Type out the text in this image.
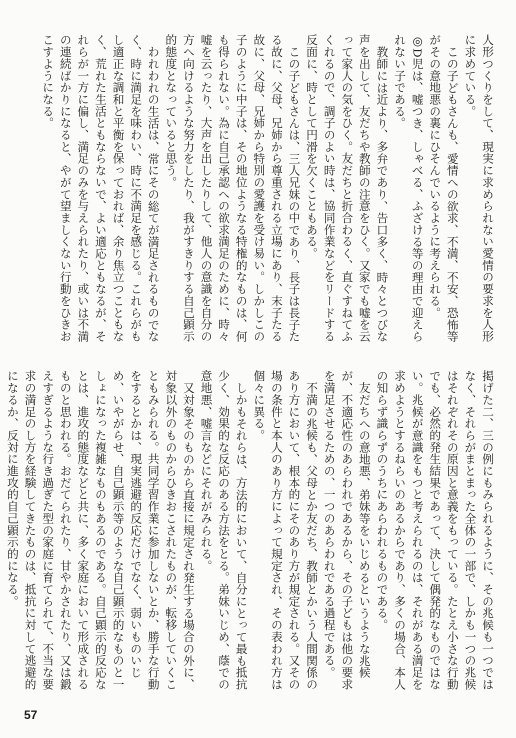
人形つくりをして、現実に求められない愛情の要求を人形に求めている。

この子どもさんも、愛情への欲求、不満、不安、恐怖等がその意地悪の裏にひそんでいるように考えられる。

◎D児は、嘘つき、しゃべる、ふざける等の理由で迎えられない子である。

教師には近より、多弁であり、告口多く、時々とつびな声を出して、友だちや教師の注意をひく。又家でも嘘を云って家人の気をひく。友だちと折合わるく、直ぐすねてふくれるので、調子のよい時は、協同作業などをリードする反面に、時として円滑を欠くこともある。

この子どもさんは、三人兄妹の中であり、長子は長子たる故に、父母、兄姉から尊重される立場にあり、末子たる故に、父母、兄姉から特別の愛護を受け易い。しかしこの子のように中子は、その地位ようなる特権的なものは、何も得られない。為に自己承認への欲求満足のために、時々嘘を云ったり、大声を出したりして、他人の意識を自分の方へ向けるような努力をしたり、我がすきりする自己顕示的態度となっていると思う。

われわれの生活は、常にその総てが満足されるものでなく、時に満足を味わい、時に不満足を感じる。これらがもし適正な調和と平衡を保っておれば、余り焦立つこともなく、荒れた生活ともならないで、よい適応ともなるが、それらが一方に偏し、満足のみを与えられたり、或いは不満の連続ばかりになると、やがて望ましくない行動をひきおこすようになる。

掲げた二、三の例にもみられるように、その兆候も一つではなく、それらがまとまった全体の一部で、しかも一つの兆候はそれぞれその原因と意義をもっている。たとえ小さな行動でも、必然的発生結果であって、決して偶発的なものではない。兆候が意識をもつと考えられるのは、それがある満足を求めようとするねらいのあるからであり、多くの場合、本人の知らず識らずのうちにあらわれるものである。

友だちへの意地悪、弟妹等をいじめるというような兆候が、不適応性のあらわれであるから、その子どもは他の要求を満足させるための、一つのあらわれである過程である。

不満の兆候も、父母とか友だち、教師とかいう人間関係のあり方において、根本的にそのあり方が規定される。又その場の条件と本人のあり方によって規定され、その表われ方は個々に異る。

しかもそれらは、方法的において、自分にとって最も抵抗少く、効果的な反応のある方法をとる。弟妹いじめ、蔭での意地悪、嘘言などにそれがみられる。

又対象そのものから直接に規定され発生する場合の外に、対象以外のものからひきおこされたものが、転移していくこともみられる。共同学習作業に参加しないとか、勝手な行動をするとかは、現実逃避的反応だけでなく、弱いものいじめ、いやがらせ、自己顕示等のような自己顕示的なものと一しょになった複雑なものもあるのである。自己顕示的反応なとは、進攻的態度などと共に、多く家庭において形成されるものと思われる。おだてられたり、甘やかされたり、又は鍛えすぎるような行き過ぎた型の家庭に育てられて、不当な要求の満足のし方を経験してきたものは、抵抗に対して逃避的になるか、反対に進攻的自己顕示的になる。

57
